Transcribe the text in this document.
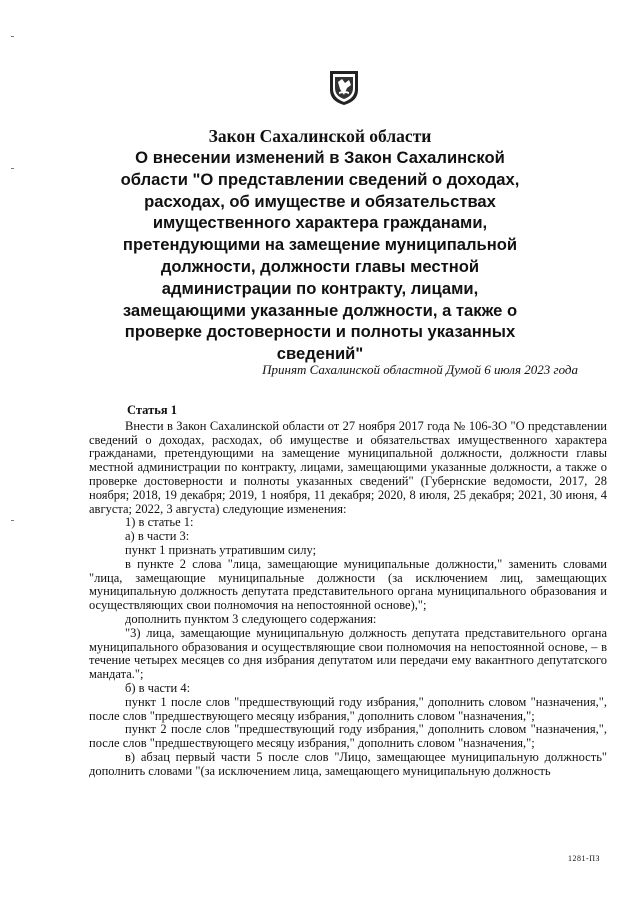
Закон Сахалинской области
О внесении изменений в Закон Сахалинской области "О представлении сведений о доходах, расходах, об имуществе и обязательствах имущественного характера гражданами, претендующими на замещение муниципальной должности, должности главы местной администрации по контракту, лицами, замещающими указанные должности, а также о проверке достоверности и полноты указанных сведений"
Принят Сахалинской областной Думой 6 июля 2023 года

Статья 1

Внести в Закон Сахалинской области от 27 ноября 2017 года № 106-ЗО "О представлении сведений о доходах, расходах, об имуществе и обязательствах имущественного характера гражданами, претендующими на замещение муниципальной должности, должности главы местной администрации по контракту, лицами, замещающими указанные должности, а также о проверке достоверности и полноты указанных сведений" (Губернские ведомости, 2017, 28 ноября; 2018, 19 декабря; 2019, 1 ноября, 11 декабря; 2020, 8 июля, 25 декабря; 2021, 30 июня, 4 августа; 2022, 3 августа) следующие изменения:

1) в статье 1:

а) в части 3:

пункт 1 признать утратившим силу;

в пункте 2 слова "лица, замещающие муниципальные должности," заменить словами "лица, замещающие муниципальные должности (за исключением лиц, замещающих муниципальную должность депутата представительного органа муниципального образования и осуществляющих свои полномочия на непостоянной основе),";

дополнить пунктом 3 следующего содержания:

"3) лица, замещающие муниципальную должность депутата представительного органа муниципального образования и осуществляющие свои полномочия на непостоянной основе, – в течение четырех месяцев со дня избрания депутатом или передачи ему вакантного депутатского мандата.";

б) в части 4:

пункт 1 после слов "предшествующий году избрания," дополнить словом "назначения,", после слов "предшествующего месяцу избрания," дополнить словом "назначения,";

пункт 2 после слов "предшествующий году избрания," дополнить словом "назначения,", после слов "предшествующего месяцу избрания," дополнить словом "назначения,";

в) абзац первый части 5 после слов "Лицо, замещающее муниципальную должность" дополнить словами "(за исключением лица, замещающего муниципальную должность

1281-ПЗ
